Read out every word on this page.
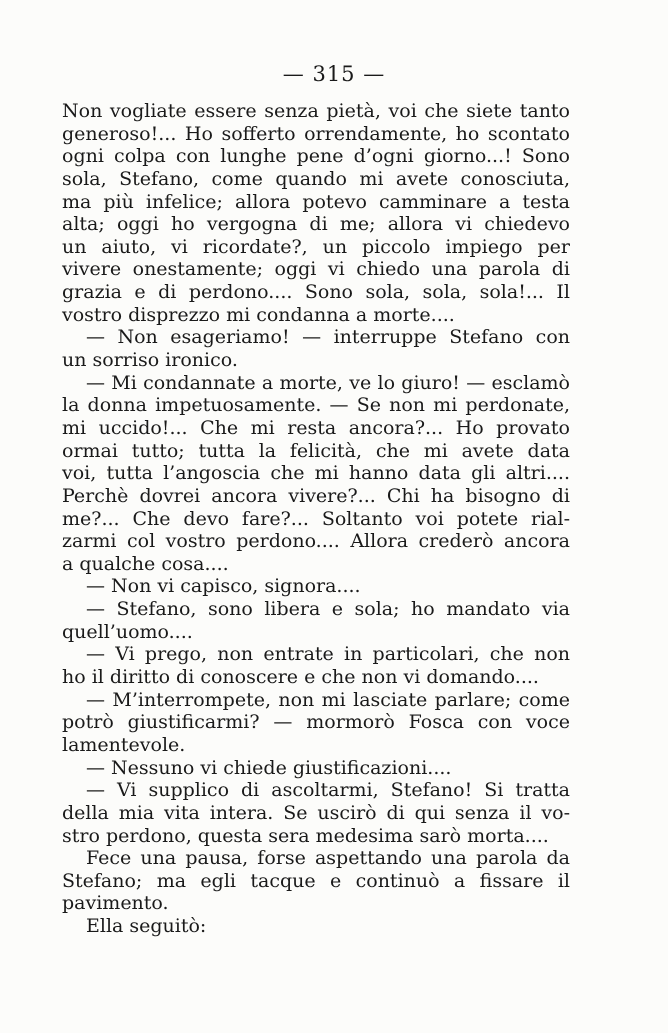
— 315 —
Non vogliate essere senza pietà, voi che siete tanto
generoso!... Ho sofferto orrendamente, ho scontato
ogni colpa con lunghe pene d’ogni giorno...! Sono
sola, Stefano, come quando mi avete conosciuta,
ma più infelice; allora potevo camminare a testa
alta; oggi ho vergogna di me; allora vi chiedevo
un aiuto, vi ricordate?, un piccolo impiego per
vivere onestamente; oggi vi chiedo una parola di
grazia e di perdono.... Sono sola, sola, sola!... Il
vostro disprezzo mi condanna a morte....
— Non esageriamo! — interruppe Stefano con
un sorriso ironico.
— Mi condannate a morte, ve lo giuro! — esclamò
la donna impetuosamente. — Se non mi perdonate,
mi uccido!... Che mi resta ancora?... Ho provato
ormai tutto; tutta la felicità, che mi avete data
voi, tutta l’angoscia che mi hanno data gli altri....
Perchè dovrei ancora vivere?... Chi ha bisogno di
me?... Che devo fare?... Soltanto voi potete rial-
zarmi col vostro perdono.... Allora crederò ancora
a qualche cosa....
— Non vi capisco, signora....
— Stefano, sono libera e sola; ho mandato via
quell’uomo....
— Vi prego, non entrate in particolari, che non
ho il diritto di conoscere e che non vi domando....
— M’interrompete, non mi lasciate parlare; come
potrò giustificarmi? — mormorò Fosca con voce
lamentevole.
— Nessuno vi chiede giustificazioni....
— Vi supplico di ascoltarmi, Stefano! Si tratta
della mia vita intera. Se uscirò di qui senza il vo-
stro perdono, questa sera medesima sarò morta....
Fece una pausa, forse aspettando una parola da
Stefano; ma egli tacque e continuò a fissare il
pavimento.
Ella seguitò:
